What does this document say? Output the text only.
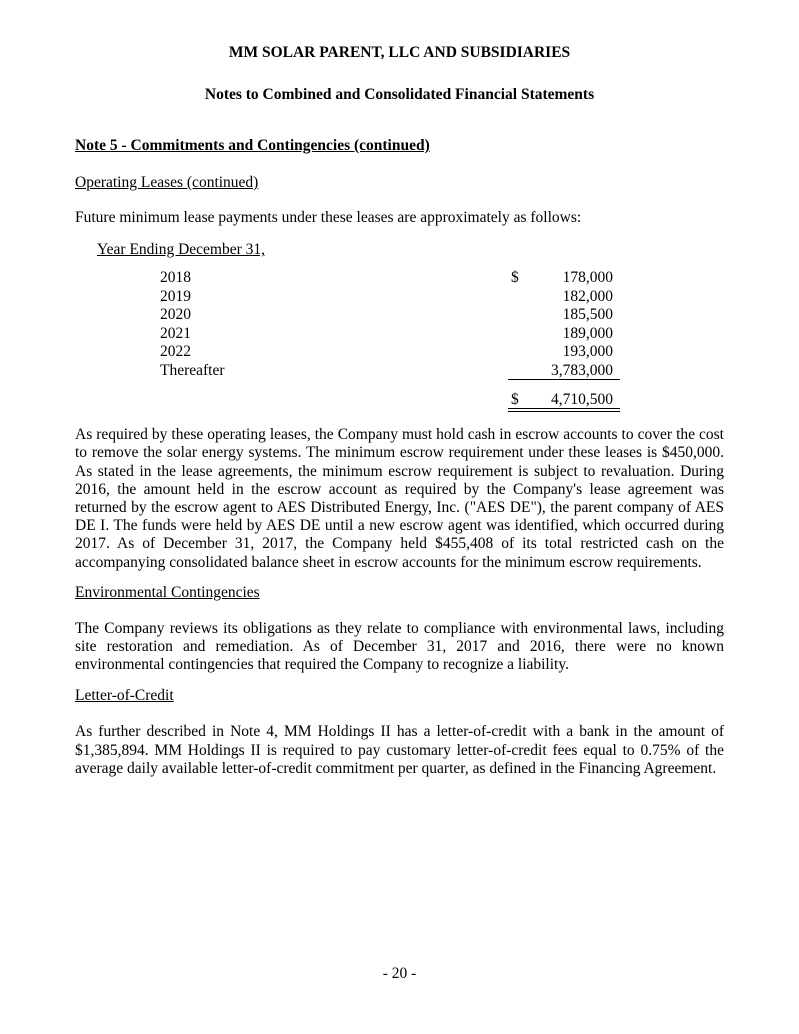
MM SOLAR PARENT, LLC AND SUBSIDIARIES
Notes to Combined and Consolidated Financial Statements
Note 5 - Commitments and Contingencies (continued)
Operating Leases (continued)

Future minimum lease payments under these leases are approximately as follows:

Year Ending December 31,
2018	$	178,000
2019	182,000
2020	185,500
2021	189,000
2022	193,000
Thereafter	3,783,000
$ 4,710,500

As required by these operating leases, the Company must hold cash in escrow accounts to cover the cost to remove the solar energy systems. The minimum escrow requirement under these leases is $450,000. As stated in the lease agreements, the minimum escrow requirement is subject to revaluation. During 2016, the amount held in the escrow account as required by the Company's lease agreement was returned by the escrow agent to AES Distributed Energy, Inc. ("AES DE"), the parent company of AES DE I. The funds were held by AES DE until a new escrow agent was identified, which occurred during 2017. As of December 31, 2017, the Company held $455,408 of its total restricted cash on the accompanying consolidated balance sheet in escrow accounts for the minimum escrow requirements.

Environmental Contingencies

The Company reviews its obligations as they relate to compliance with environmental laws, including site restoration and remediation. As of December 31, 2017 and 2016, there were no known environmental contingencies that required the Company to recognize a liability.

Letter-of-Credit

As further described in Note 4, MM Holdings II has a letter-of-credit with a bank in the amount of $1,385,894. MM Holdings II is required to pay customary letter-of-credit fees equal to 0.75% of the average daily available letter-of-credit commitment per quarter, as defined in the Financing Agreement.

- 20 -
